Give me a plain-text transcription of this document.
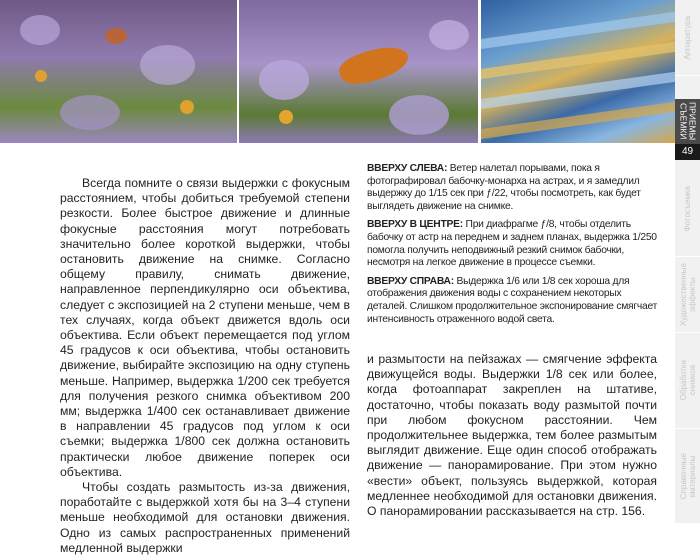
Аппаратура
ПРИЕМЫ
СЪЕМКИ
49
Фотосъемка
Художественные
эффекты
Обработка
снимков
Справочные
материалы

Всегда помните о связи выдержки с фокусным расстоянием, чтобы добиться требуемой степени резкости. Более быстрое движение и длинные фокусные расстояния могут потребовать значительно более короткой выдержки, чтобы остановить движение на снимке. Согласно общему правилу, снимать движение, направленное перпендикулярно оси объектива, следует с экспозицией на 2 ступени меньше, чем в тех случаях, когда объект движется вдоль оси объектива. Если объект перемещается под углом 45 градусов к оси объектива, чтобы остановить движение, выбирайте экспозицию на одну ступень меньше. Например, выдержка 1/200 сек требуется для получения резкого снимка объективом 200 мм; выдержка 1/400 сек останавливает движение в направлении 45 градусов под углом к оси съемки; выдержка 1/800 сек должна остановить практически любое движение поперек оси объектива.

Чтобы создать размытость из-за движения, поработайте с выдержкой хотя бы на 3–4 ступени меньше необходимой для остановки движения. Одно из самых распространенных применений медленной выдержки

ВВЕРХУ СЛЕВА: Ветер налетал порывами, пока я фотографировал бабочку-монарха на астрах, и я замедлил выдержку до 1/15 сек при ƒ/22, чтобы посмотреть, как будет выглядеть движение на снимке.

ВВЕРХУ В ЦЕНТРЕ: При диафрагме ƒ/8, чтобы отделить бабочку от астр на переднем и заднем планах, выдержка 1/250 помогла получить неподвижный резкий снимок бабочки, несмотря на легкое движение в процессе съемки.

ВВЕРХУ СПРАВА: Выдержка 1/6 или 1/8 сек хороша для отображения движения воды с сохранением некоторых деталей. Слишком продолжительное экспонирование смягчает интенсивность отраженного водой света.

и размытости на пейзажах — смягчение эффекта движущейся воды. Выдержки 1/8 сек или более, когда фотоаппарат закреплен на штативе, достаточно, чтобы показать воду размытой почти при любом фокусном расстоянии. Чем продолжительнее выдержка, тем более размытым выглядит движение. Еще один способ отображать движение — панорамирование. При этом нужно «вести» объект, пользуясь выдержкой, которая медленнее необходимой для остановки движения. О панорамировании рассказывается на стр. 156.
